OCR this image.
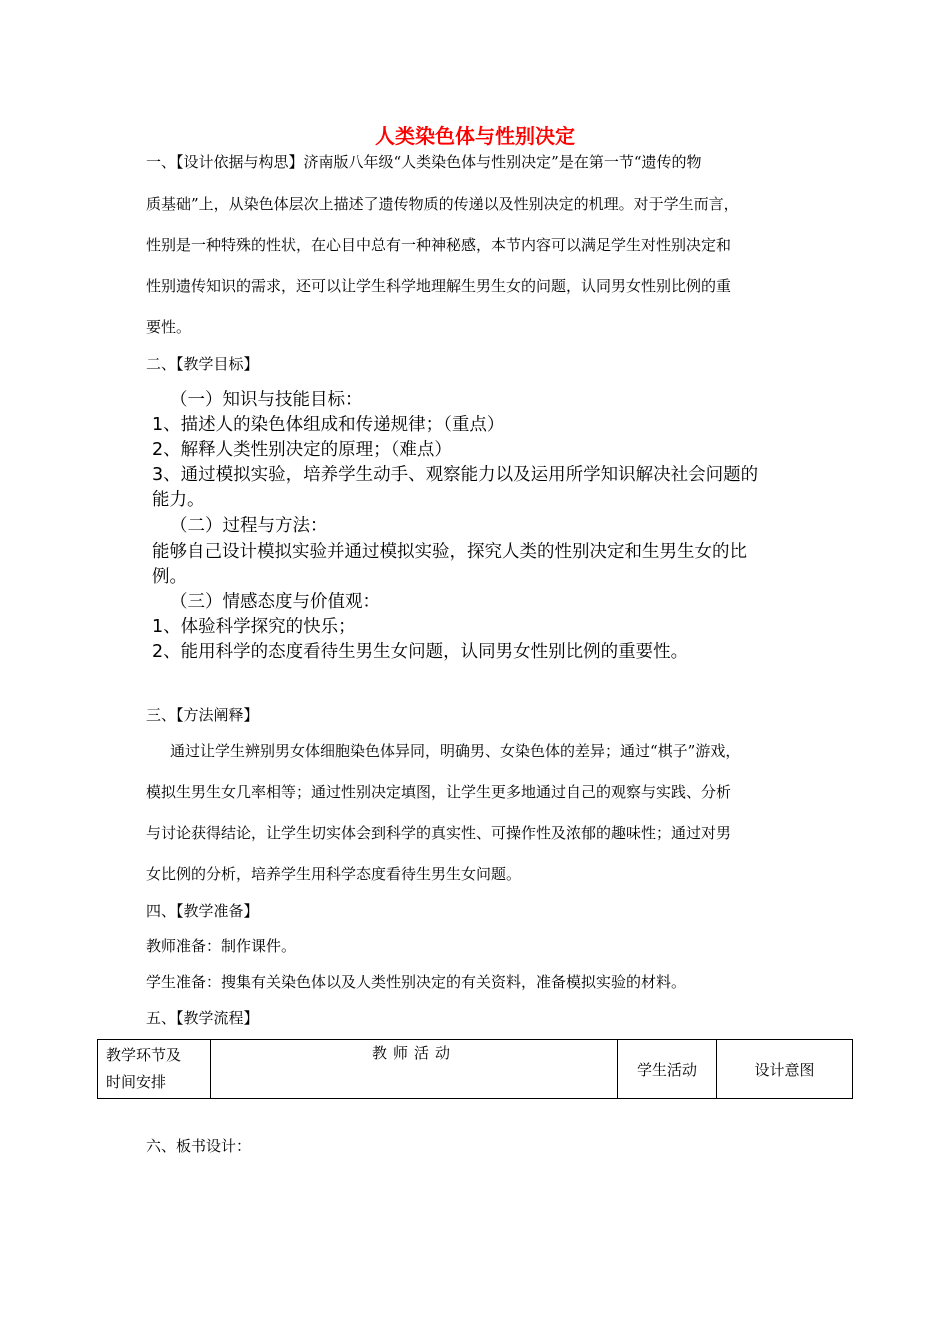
人类染色体与性别决定
一、【设计依据与构思】济南版八年级“人类染色体与性别决定”是在第一节“遗传的物
质基础”上，从染色体层次上描述了遗传物质的传递以及性别决定的机理。对于学生而言，
性别是一种特殊的性状，在心目中总有一种神秘感，本节内容可以满足学生对性别决定和
性别遗传知识的需求，还可以让学生科学地理解生男生女的问题，认同男女性别比例的重
要性。
二、【教学目标】
（一）知识与技能目标：
1、描述人的染色体组成和传递规律；（重点）
2、解释人类性别决定的原理；（难点）
3、通过模拟实验，培养学生动手、观察能力以及运用所学知识解决社会问题的
能力。
（二）过程与方法：
能够自己设计模拟实验并通过模拟实验，探究人类的性别决定和生男生女的比
例。
（三）情感态度与价值观：
1、体验科学探究的快乐；
2、能用科学的态度看待生男生女问题，认同男女性别比例的重要性。
三、【方法阐释】
通过让学生辨别男女体细胞染色体异同，明确男、女染色体的差异；通过“棋子”游戏，
模拟生男生女几率相等；通过性别决定填图，让学生更多地通过自己的观察与实践、分析
与讨论获得结论，让学生切实体会到科学的真实性、可操作性及浓郁的趣味性；通过对男
女比例的分析，培养学生用科学态度看待生男生女问题。
四、【教学准备】
教师准备：制作课件。
学生准备：搜集有关染色体以及人类性别决定的有关资料，准备模拟实验的材料。
五、【教学流程】
教学环节及
时间安排
	教师活动	学生活动	设计意图
六、板书设计：
